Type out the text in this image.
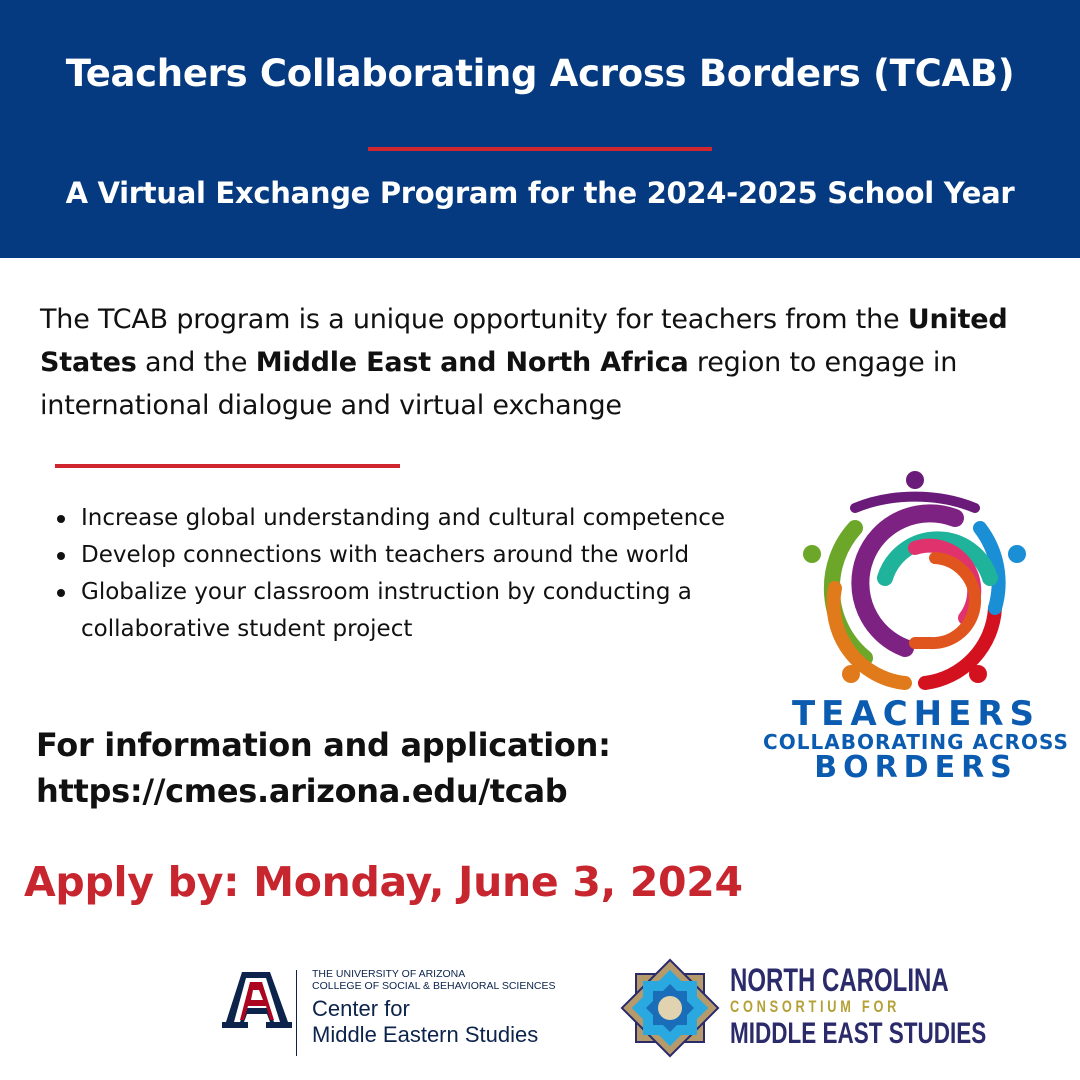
Teachers Collaborating Across Borders (TCAB)
A Virtual Exchange Program for the 2024-2025 School Year

The TCAB program is a unique opportunity for teachers from the United States and the Middle East and North Africa region to engage in international dialogue and virtual exchange

Increase global understanding and cultural competence
Develop connections with teachers around the world
Globalize your classroom instruction by conducting a collaborative student project
For information and application:
https://cmes.arizona.edu/tcab
Apply by: Monday, June 3, 2024
TEACHERS
COLLABORATING ACROSS
BORDERS
THE UNIVERSITY OF ARIZONA
COLLEGE OF SOCIAL & BEHAVIORAL SCIENCES
Center for
Middle Eastern Studies
NORTH CAROLINA
CONSORTIUM FOR
MIDDLE EAST STUDIES
